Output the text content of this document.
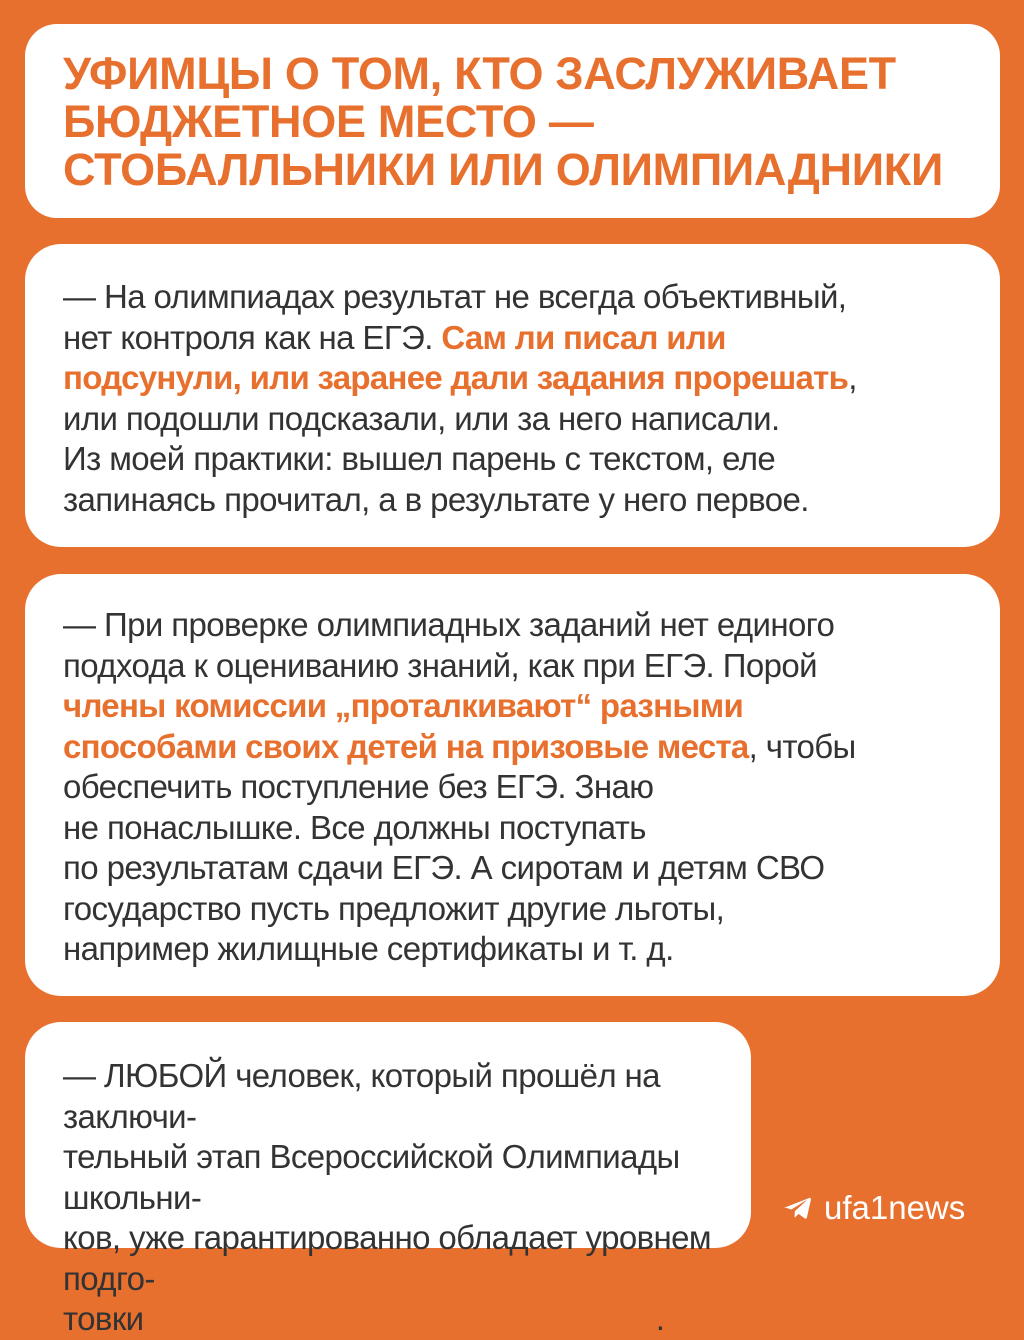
УФИМЦЫ О ТОМ, КТО ЗАСЛУЖИВАЕТ БЮДЖЕТНОЕ МЕСТО — СТОБАЛЛЬНИКИ ИЛИ ОЛИМПИАДНИКИ

— На олимпиадах результат не всегда объективный,
нет контроля как на ЕГЭ. Сам ли писал или
подсунули, или заранее дали задания прорешать,
или подошли подсказали, или за него написали.
Из моей практики: вышел парень с текстом, еле
запинаясь прочитал, а в результате у него первое.

— При проверке олимпиадных заданий нет единого
подхода к оцениванию знаний, как при ЕГЭ. Порой
члены комиссии „проталкивают“ разными
способами своих детей на призовые места, чтобы
обеспечить поступление без ЕГЭ. Знаю
не понаслышке. Все должны поступать
по результатам сдачи ЕГЭ. А сиротам и детям СВО
государство пусть предложит другие льготы,
например жилищные сертификаты и т. д.

— ЛЮБОЙ человек, который прошёл на заключи-
тельный этап Всероссийской Олимпиады школьни-
ков, уже гарантированно обладает уровнем подго-
товки на голову выше стобалльников.

ufa1news
